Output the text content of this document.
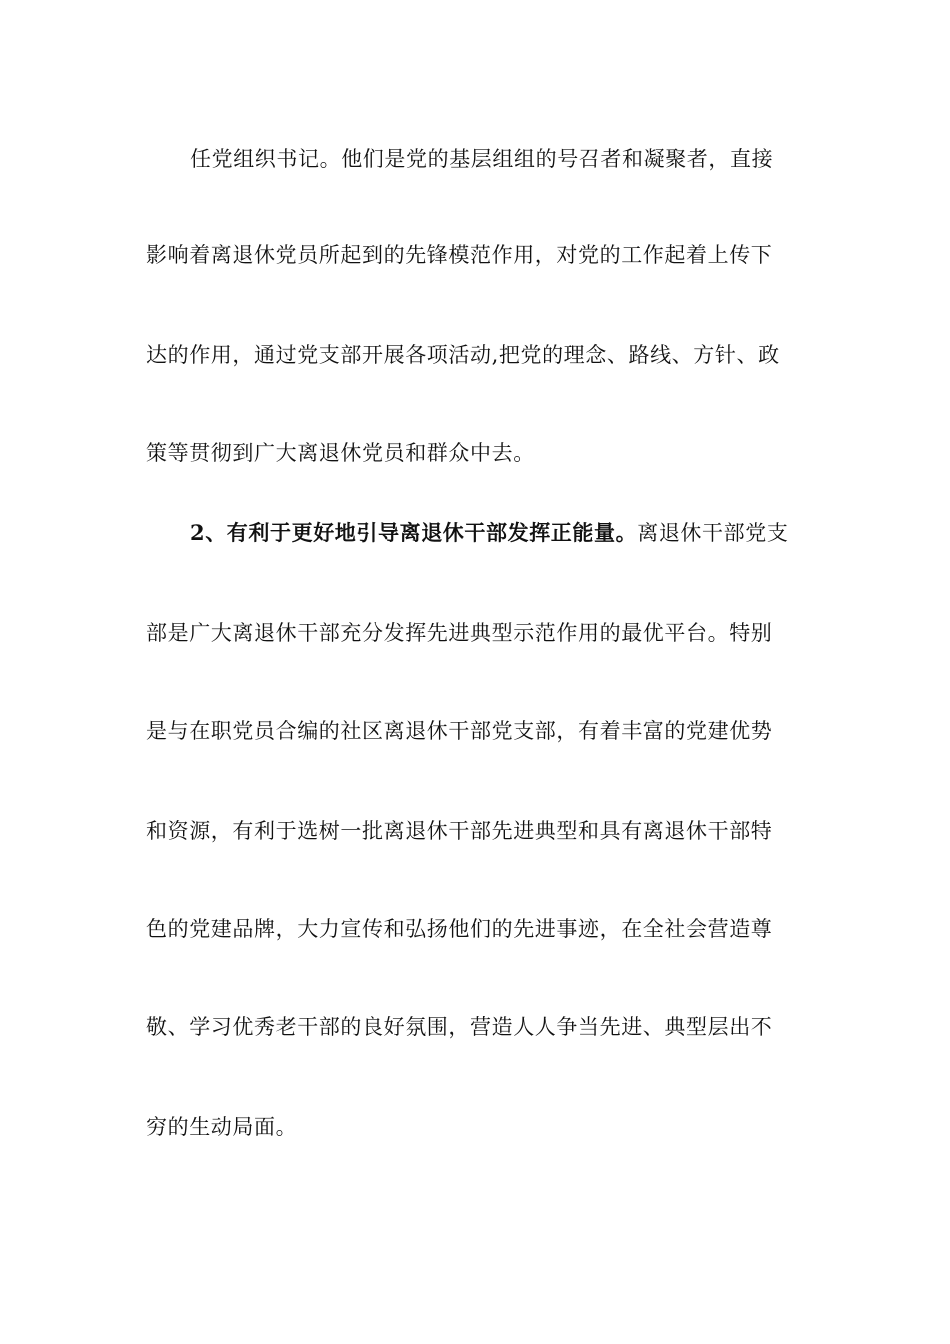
任党组织书记。他们是党的基层组组的号召者和凝聚者，直接
影响着离退休党员所起到的先锋模范作用，对党的工作起着上传下
达的作用，通过党支部开展各项活动,把党的理念、路线、方针、政
策等贯彻到广大离退休党员和群众中去。
2、有利于更好地引导离退休干部发挥正能量。离退休干部党支
部是广大离退休干部充分发挥先进典型示范作用的最优平台。特别
是与在职党员合编的社区离退休干部党支部，有着丰富的党建优势
和资源，有利于选树一批离退休干部先进典型和具有离退休干部特
色的党建品牌，大力宣传和弘扬他们的先进事迹，在全社会营造尊
敬、学习优秀老干部的良好氛围，营造人人争当先进、典型层出不
穷的生动局面。
